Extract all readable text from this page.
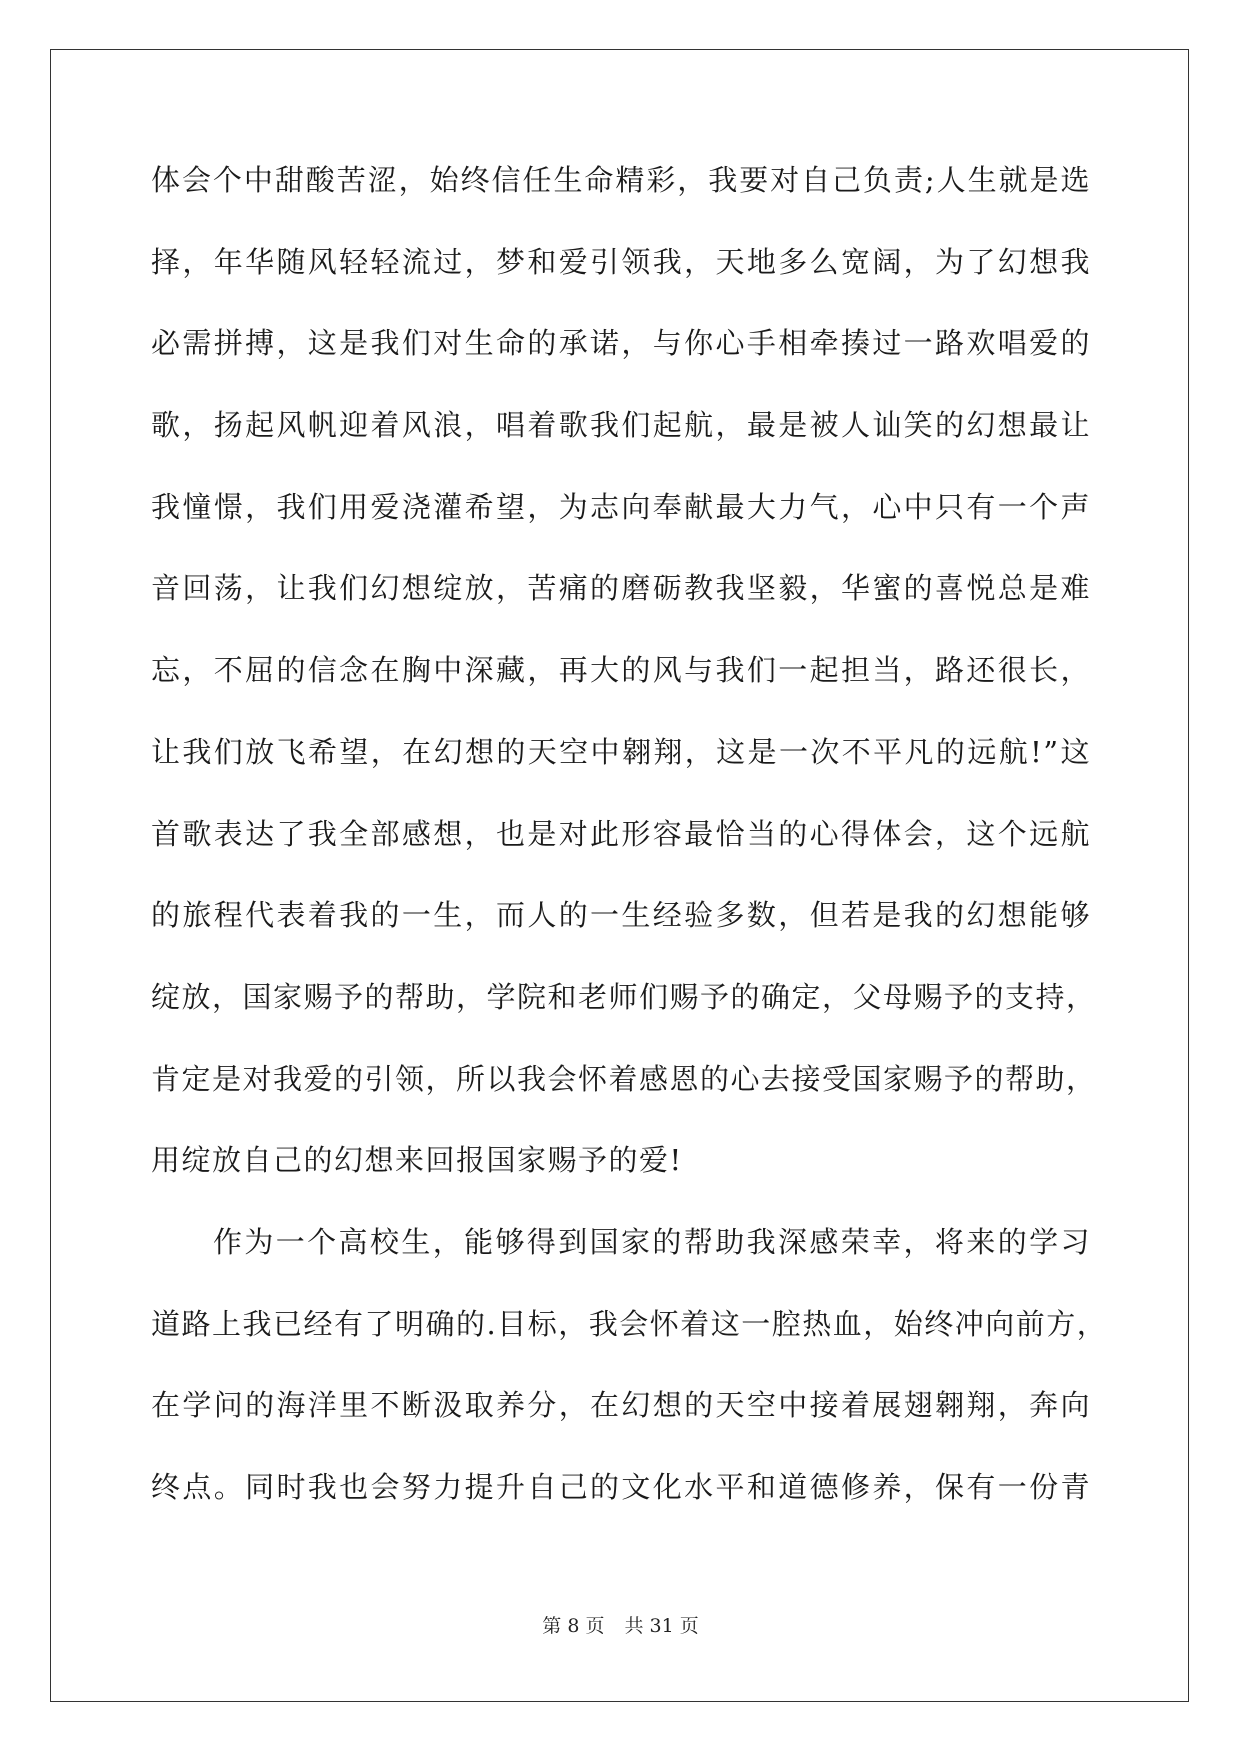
体会个中甜酸苦涩，始终信任生命精彩，我要对自己负责;人生就是选
择，年华随风轻轻流过，梦和爱引领我，天地多么宽阔，为了幻想我
必需拼搏，这是我们对生命的承诺，与你心手相牵揍过一路欢唱爱的
歌，扬起风帆迎着风浪，唱着歌我们起航，最是被人讪笑的幻想最让
我憧憬，我们用爱浇灌希望，为志向奉献最大力气，心中只有一个声
音回荡，让我们幻想绽放，苦痛的磨砺教我坚毅，华蜜的喜悦总是难
忘，不屈的信念在胸中深藏，再大的风与我们一起担当，路还很长，
让我们放飞希望，在幻想的天空中翱翔，这是一次不平凡的远航!”这
首歌表达了我全部感想，也是对此形容最恰当的心得体会，这个远航
的旅程代表着我的一生，而人的一生经验多数，但若是我的幻想能够
绽放，国家赐予的帮助，学院和老师们赐予的确定，父母赐予的支持，
肯定是对我爱的引领，所以我会怀着感恩的心去接受国家赐予的帮助，
用绽放自己的幻想来回报国家赐予的爱!
作为一个高校生，能够得到国家的帮助我深感荣幸，将来的学习
道路上我已经有了明确的.目标，我会怀着这一腔热血，始终冲向前方，
在学问的海洋里不断汲取养分，在幻想的天空中接着展翅翱翔，奔向
终点。同时我也会努力提升自己的文化水平和道德修养，保有一份青
第 8 页 共 31 页
